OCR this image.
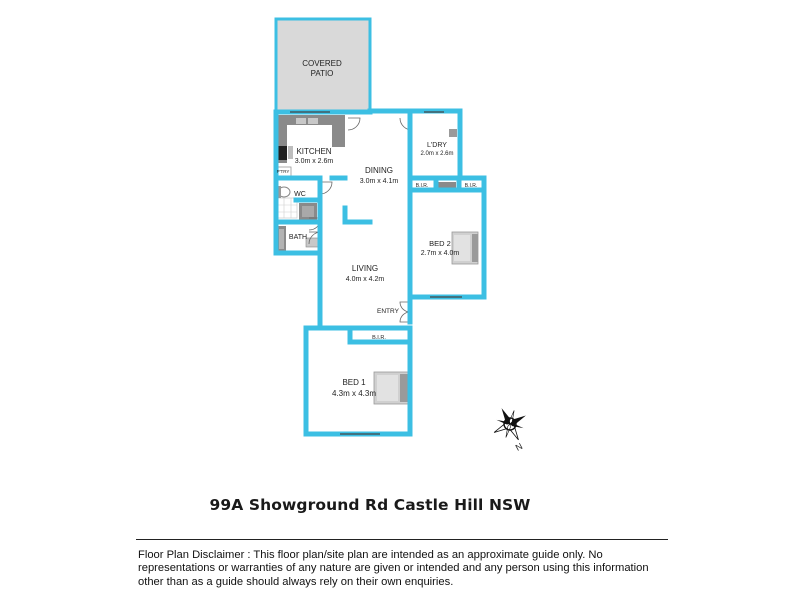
COVERED
PATIO
KITCHEN
3.0m x 2.6m
DINING
3.0m x 4.1m
L'DRY
2.0m x 2.6m
P'TRY
WC
BATH
B.I.R.	B.I.R.
BED 2
2.7m x 4.0m
LIVING
4.0m x 4.2m
ENTRY
B.I.R.
BED 1
4.3m x 4.3m
N
99A Showground Rd Castle Hill NSW
Floor Plan Disclaimer : This floor plan/site plan are intended as an approximate guide only. No representations or warranties of any nature are given or intended and any person using this information other than as a guide should always rely on their own enquiries.
